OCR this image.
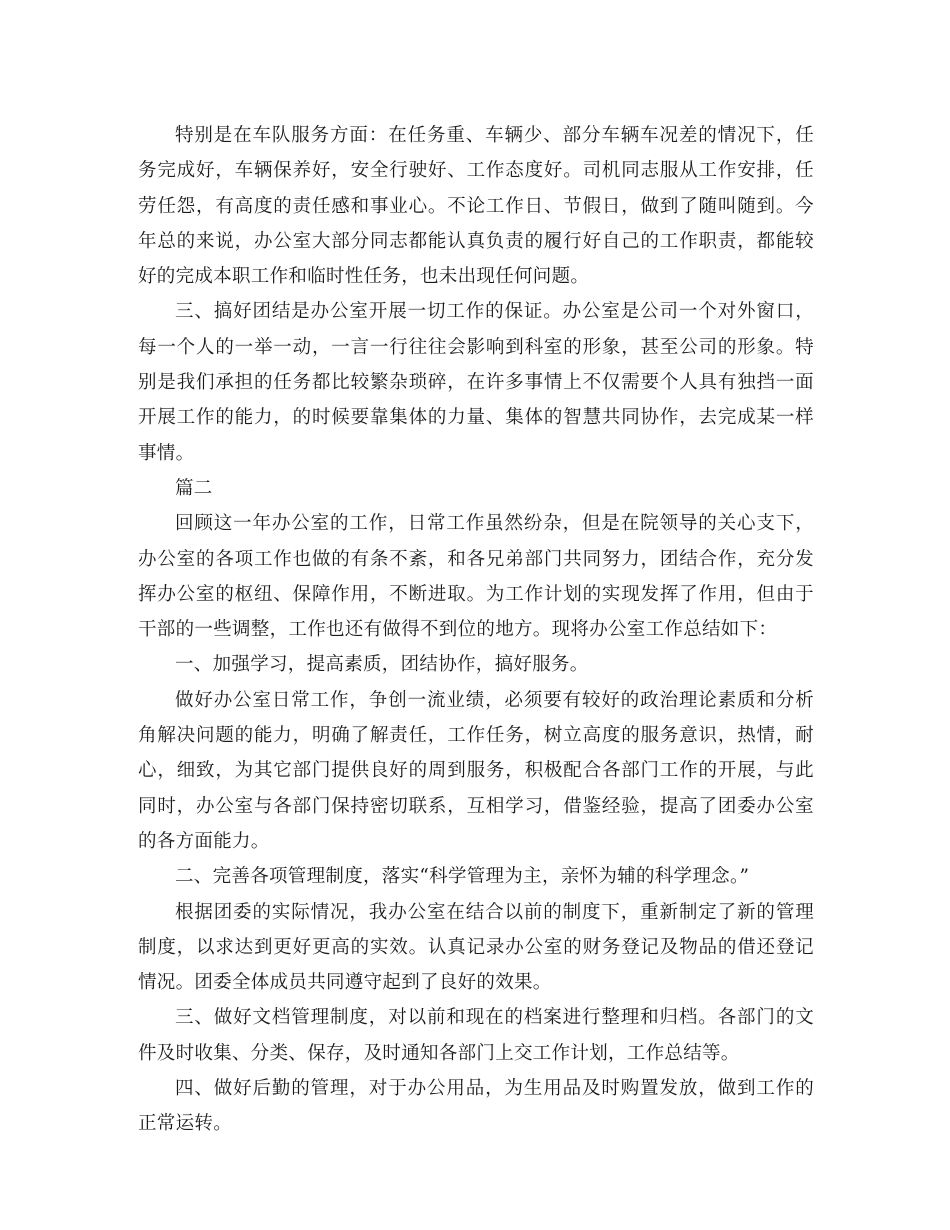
特别是在车队服务方面：在任务重、车辆少、部分车辆车况差的情况下，任务完成好，车辆保养好，安全行驶好、工作态度好。司机同志服从工作安排，任劳任怨，有高度的责任感和事业心。不论工作日、节假日，做到了随叫随到。今年总的来说，办公室大部分同志都能认真负责的履行好自己的工作职责，都能较好的完成本职工作和临时性任务，也未出现任何问题。

三、搞好团结是办公室开展一切工作的保证。办公室是公司一个对外窗口，每一个人的一举一动，一言一行往往会影响到科室的形象，甚至公司的形象。特别是我们承担的任务都比较繁杂琐碎，在许多事情上不仅需要个人具有独挡一面开展工作的能力，的时候要靠集体的力量、集体的智慧共同协作，去完成某一样事情。

篇二

回顾这一年办公室的工作，日常工作虽然纷杂，但是在院领导的关心支下，办公室的各项工作也做的有条不紊，和各兄弟部门共同努力，团结合作，充分发挥办公室的枢纽、保障作用，不断进取。为工作计划的实现发挥了作用，但由于干部的一些调整，工作也还有做得不到位的地方。现将办公室工作总结如下：

一、加强学习，提高素质，团结协作，搞好服务。

做好办公室日常工作，争创一流业绩，必须要有较好的政治理论素质和分析角解决问题的能力，明确了解责任，工作任务，树立高度的服务意识，热情，耐心，细致，为其它部门提供良好的周到服务，积极配合各部门工作的开展，与此同时，办公室与各部门保持密切联系，互相学习，借鉴经验，提高了团委办公室的各方面能力。

二、完善各项管理制度，落实“科学管理为主，亲怀为辅的科学理念。”

根据团委的实际情况，我办公室在结合以前的制度下，重新制定了新的管理制度，以求达到更好更高的实效。认真记录办公室的财务登记及物品的借还登记情况。团委全体成员共同遵守起到了良好的效果。

三、做好文档管理制度，对以前和现在的档案进行整理和归档。各部门的文件及时收集、分类、保存，及时通知各部门上交工作计划，工作总结等。

四、做好后勤的管理，对于办公用品，为生用品及时购置发放，做到工作的正常运转。
